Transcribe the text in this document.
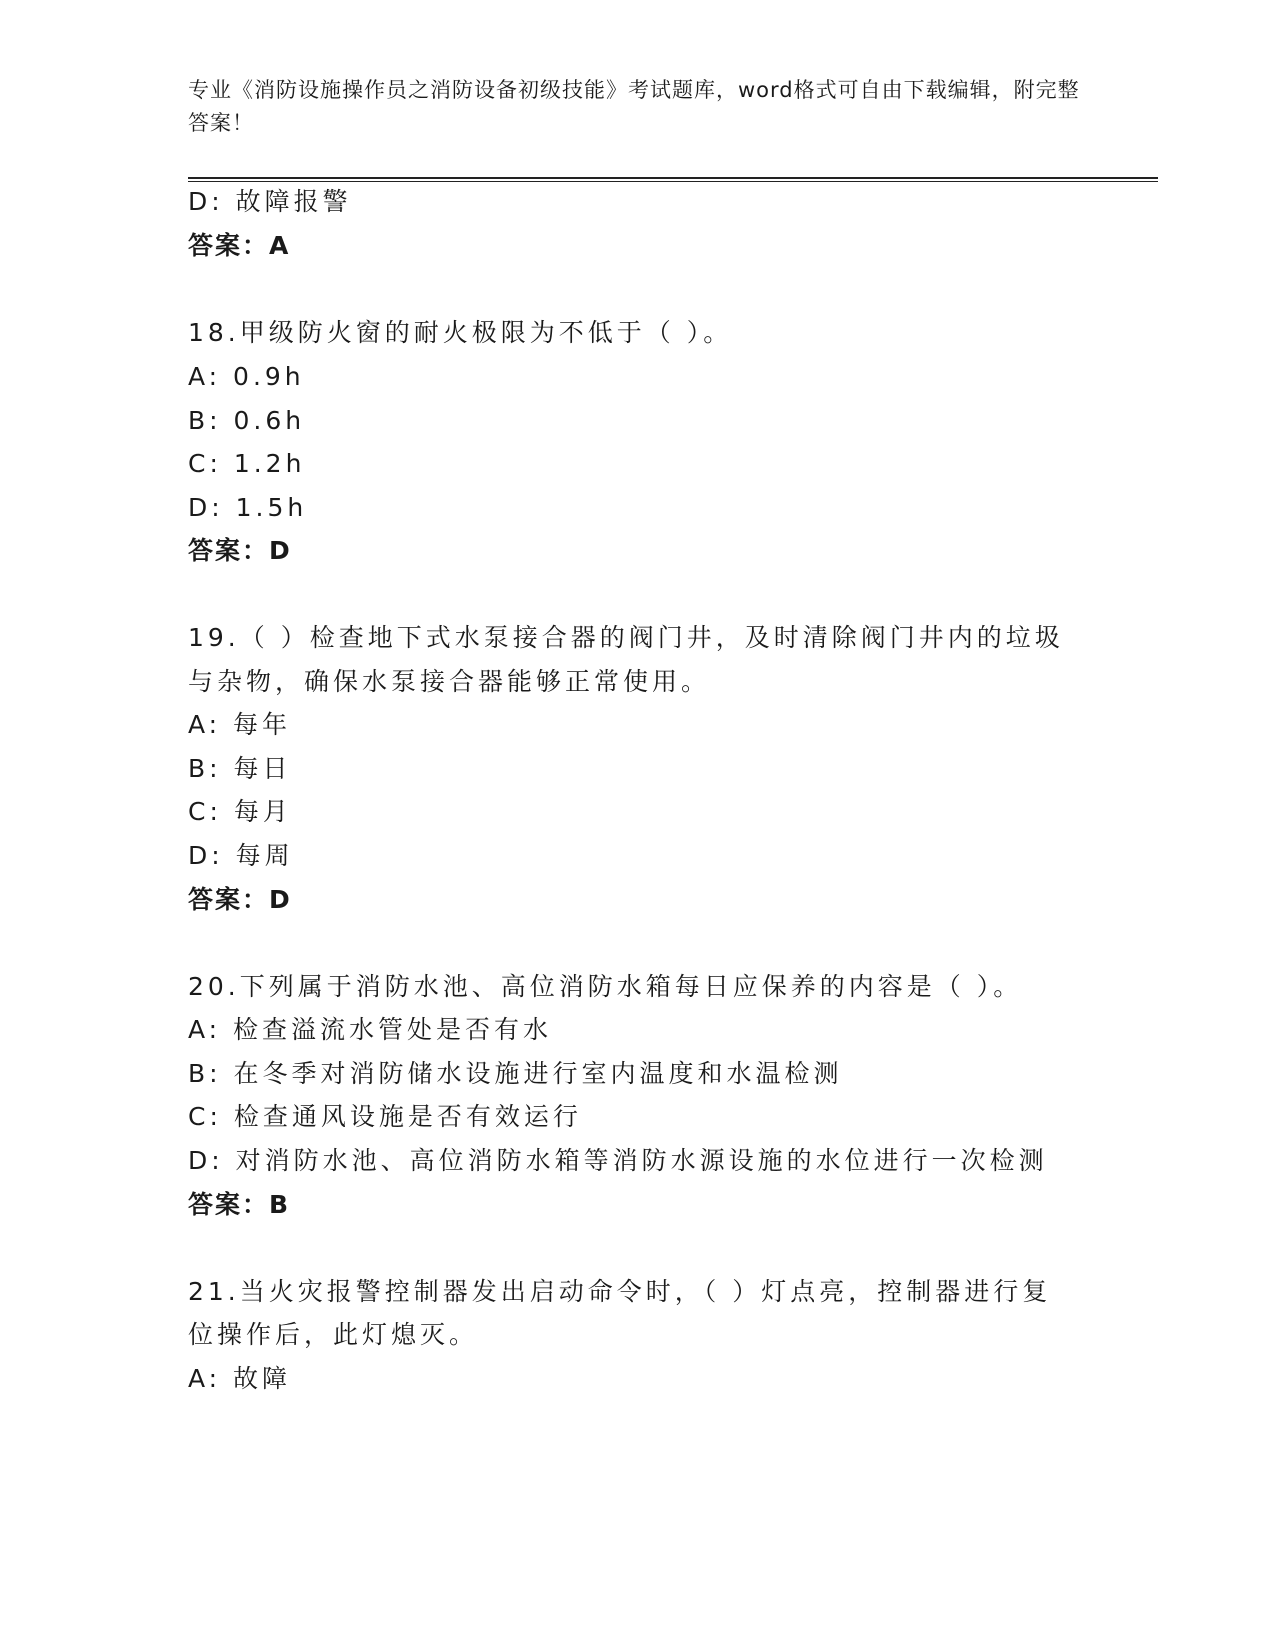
专业《消防设施操作员之消防设备初级技能》考试题库，word格式可自由下载编辑，附完整答案！
D: 故障报警
答案：A
18.甲级防火窗的耐火极限为不低于（ ）。
A: 0.9h
B: 0.6h
C: 1.2h
D: 1.5h
答案：D
19.（ ）检查地下式水泵接合器的阀门井，及时清除阀门井内的垃圾
与杂物，确保水泵接合器能够正常使用。
A: 每年
B: 每日
C: 每月
D: 每周
答案：D
20.下列属于消防水池、高位消防水箱每日应保养的内容是（ ）。
A: 检查溢流水管处是否有水
B: 在冬季对消防储水设施进行室内温度和水温检测
C: 检查通风设施是否有效运行
D: 对消防水池、高位消防水箱等消防水源设施的水位进行一次检测
答案：B
21.当火灾报警控制器发出启动命令时，（ ）灯点亮，控制器进行复
位操作后，此灯熄灭。
A: 故障
